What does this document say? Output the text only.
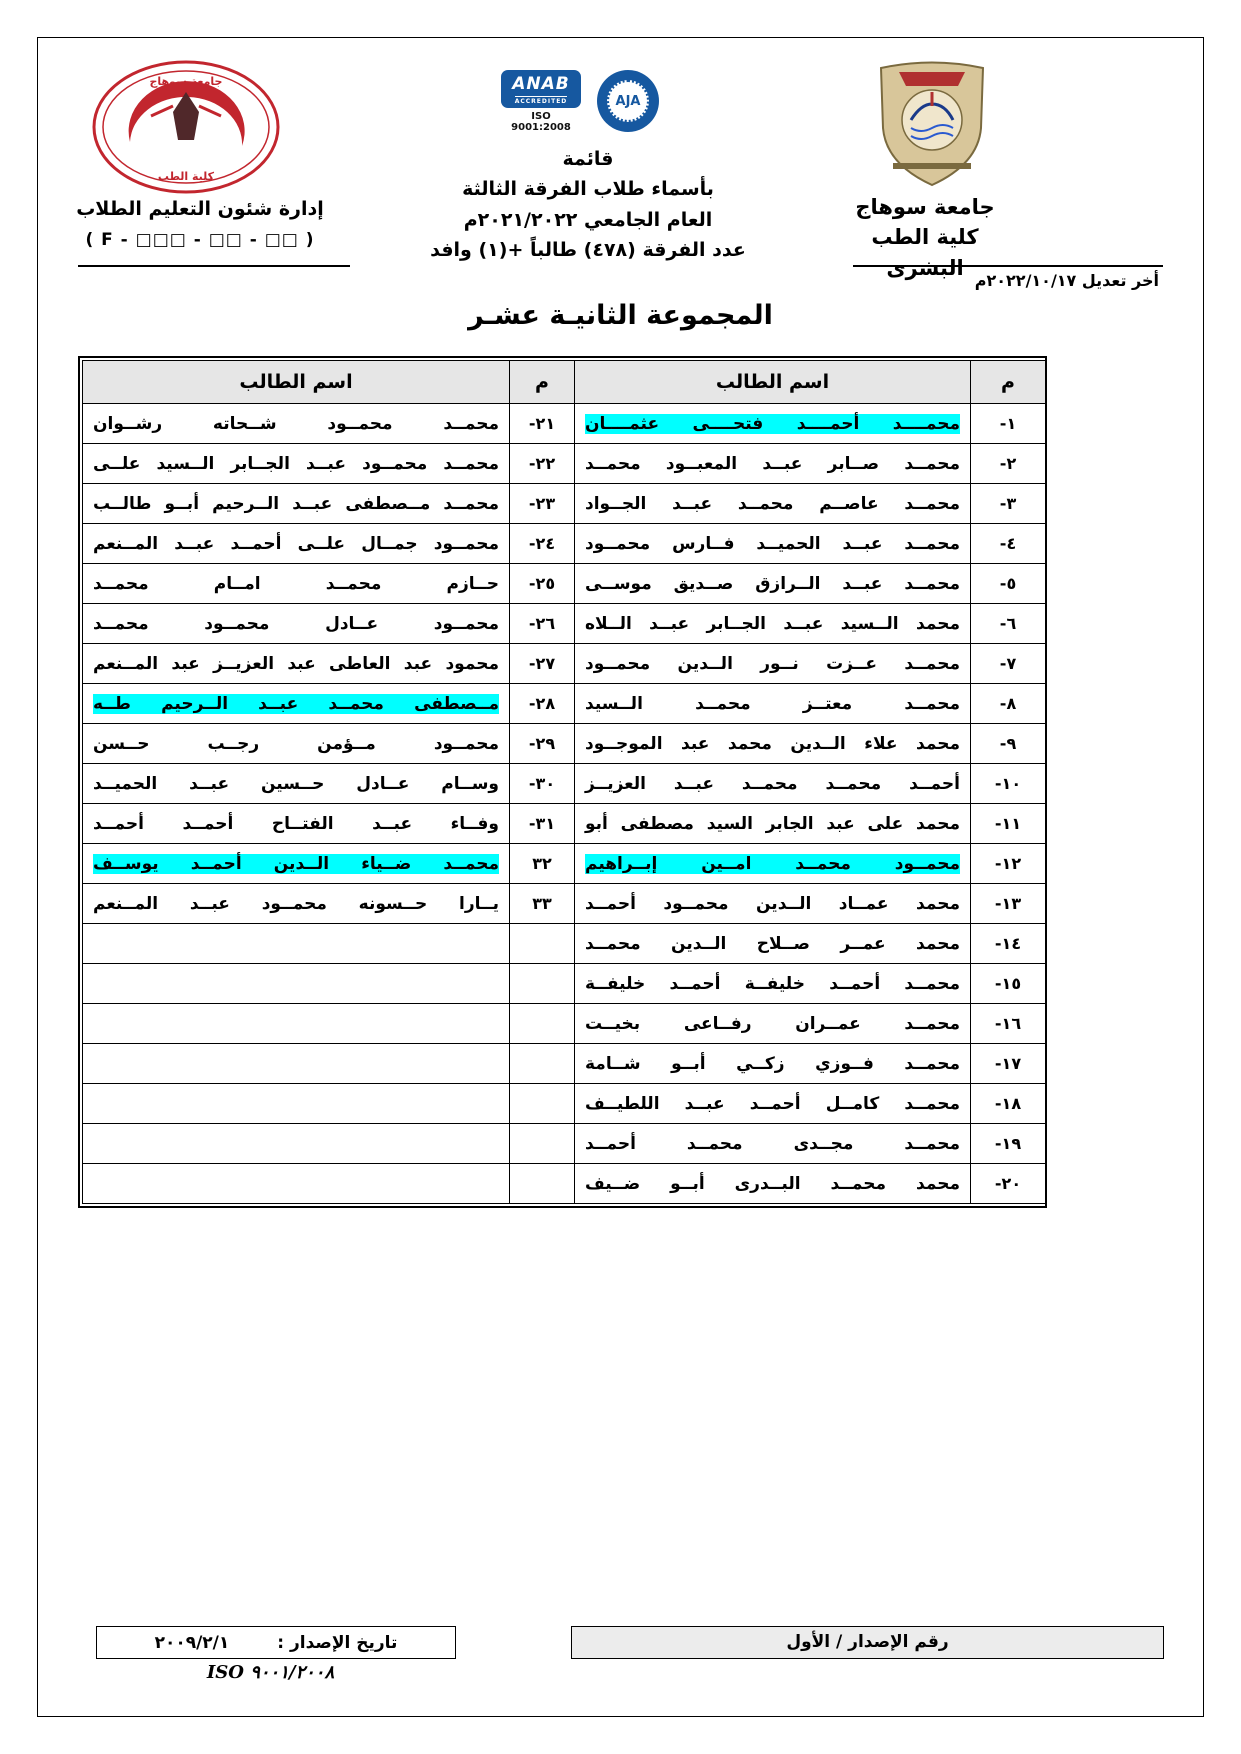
جامعة سوهاج
كلية الطب
إدارة شئون التعليم الطلاب
( F - □□□ - □□ - □□ )
ANAB
ACCREDITED
ISO 9001:2008
AJA
قائمة
بأسماء طلاب الفرقة الثالثة
العام الجامعي ٢٠٢١/٢٠٢٢م
عدد الفرقة (٤٧٨) طالباً +(١) وافد
جامعة سوهاج
كلية الطب البشرى
أخر تعديل ٢٠٢٢/١٠/١٧م
المجموعة الثانيـة عشـر
م	اسم الطالب	م	اسم الطالب
١-	محمــــد أحمــــد فتحــــى عثمــــان	٢١-	محمــد محمــود شــحاته رشــوان
٢-	محمــد صــابر عبــد المعبــود محمــد	٢٢-	محمــد محمــود عبــد الجــابر الــسيد علــى
٣-	محمــد عاصــم محمــد عبــد الجــواد	٢٣-	محمــد مــصطفى عبــد الــرحيم أبــو طالــب
٤-	محمــد عبــد الحميــد فــارس محمــود	٢٤-	محمــود جمــال علــى أحمــد عبــد المــنعم
٥-	محمــد عبــد الــرازق صــديق موســى	٢٥-	حــازم محمــد امــام محمــد
٦-	محمد الــسيد عبــد الجــابر عبــد الــلاه	٢٦-	محمــود عــادل محمــود محمــد
٧-	محمــد عــزت نــور الــدين محمــود	٢٧-	محمود عبد العاطى عبد العزيــز عبد المــنعم
٨-	محمــد معتــز محمــد الــسيد	٢٨-	مــصطفى محمــد عبــد الــرحيم طــه
٩-	محمد علاء الــدين محمد عبد الموجــود	٢٩-	محمــود مــؤمن رجــب حــسن
١٠-	أحمــد محمــد محمــد عبــد العزيــز	٣٠-	وســام عــادل حــسين عبــد الحميــد
١١-	محمد على عبد الجابر السيد مصطفى أبو	٣١-	وفــاء عبــد الفتــاح أحمــد أحمــد
١٢-	محمــود محمــد امــين إبــراهيم	٣٢	محمــد ضــياء الــدين أحمــد يوســف
١٣-	محمد عمــاد الــدين محمــود أحمــد	٣٣	يــارا حــسونه محمــود عبــد المــنعم
١٤-	محمد عمــر صــلاح الــدين محمــد		
١٥-	محمــد أحمــد خليفــة أحمــد خليفــة		
١٦-	محمــد عمــران رفــاعى بخيــت		
١٧-	محمــد فــوزي زكــي أبــو شــامة		
١٨-	محمــد كامــل أحمــد عبــد اللطيــف		
١٩-	محمــد مجــدى محمــد أحمــد		
٢٠-	محمد محمــد البــدرى أبــو ضــيف		
رقم الإصدار / الأول
تاريخ الإصدار :
٢٠٠٩/٢/١
ISO ٩٠٠١/٢٠٠٨
